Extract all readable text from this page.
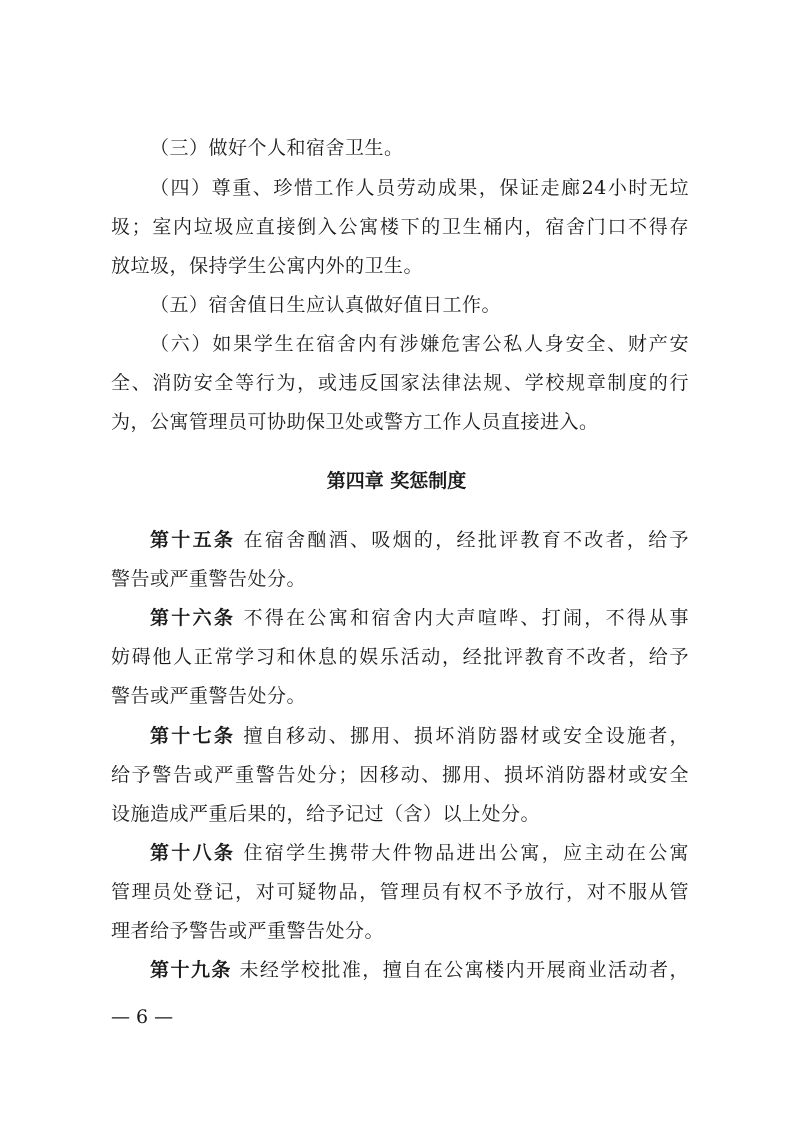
（三）做好个人和宿舍卫生。
（四）尊重、珍惜工作人员劳动成果，保证走廊24小时无垃
圾；室内垃圾应直接倒入公寓楼下的卫生桶内，宿舍门口不得存
放垃圾，保持学生公寓内外的卫生。
（五）宿舍值日生应认真做好值日工作。
（六）如果学生在宿舍内有涉嫌危害公私人身安全、财产安
全、消防安全等行为，或违反国家法律法规、学校规章制度的行
为，公寓管理员可协助保卫处或警方工作人员直接进入。
第四章 奖惩制度
第十五条 在宿舍酗酒、吸烟的，经批评教育不改者，给予
警告或严重警告处分。
第十六条 不得在公寓和宿舍内大声喧哗、打闹，不得从事
妨碍他人正常学习和休息的娱乐活动，经批评教育不改者，给予
警告或严重警告处分。
第十七条 擅自移动、挪用、损坏消防器材或安全设施者，
给予警告或严重警告处分；因移动、挪用、损坏消防器材或安全
设施造成严重后果的，给予记过（含）以上处分。
第十八条 住宿学生携带大件物品进出公寓，应主动在公寓
管理员处登记，对可疑物品，管理员有权不予放行，对不服从管
理者给予警告或严重警告处分。
第十九条 未经学校批准，擅自在公寓楼内开展商业活动者，
— 6 —
